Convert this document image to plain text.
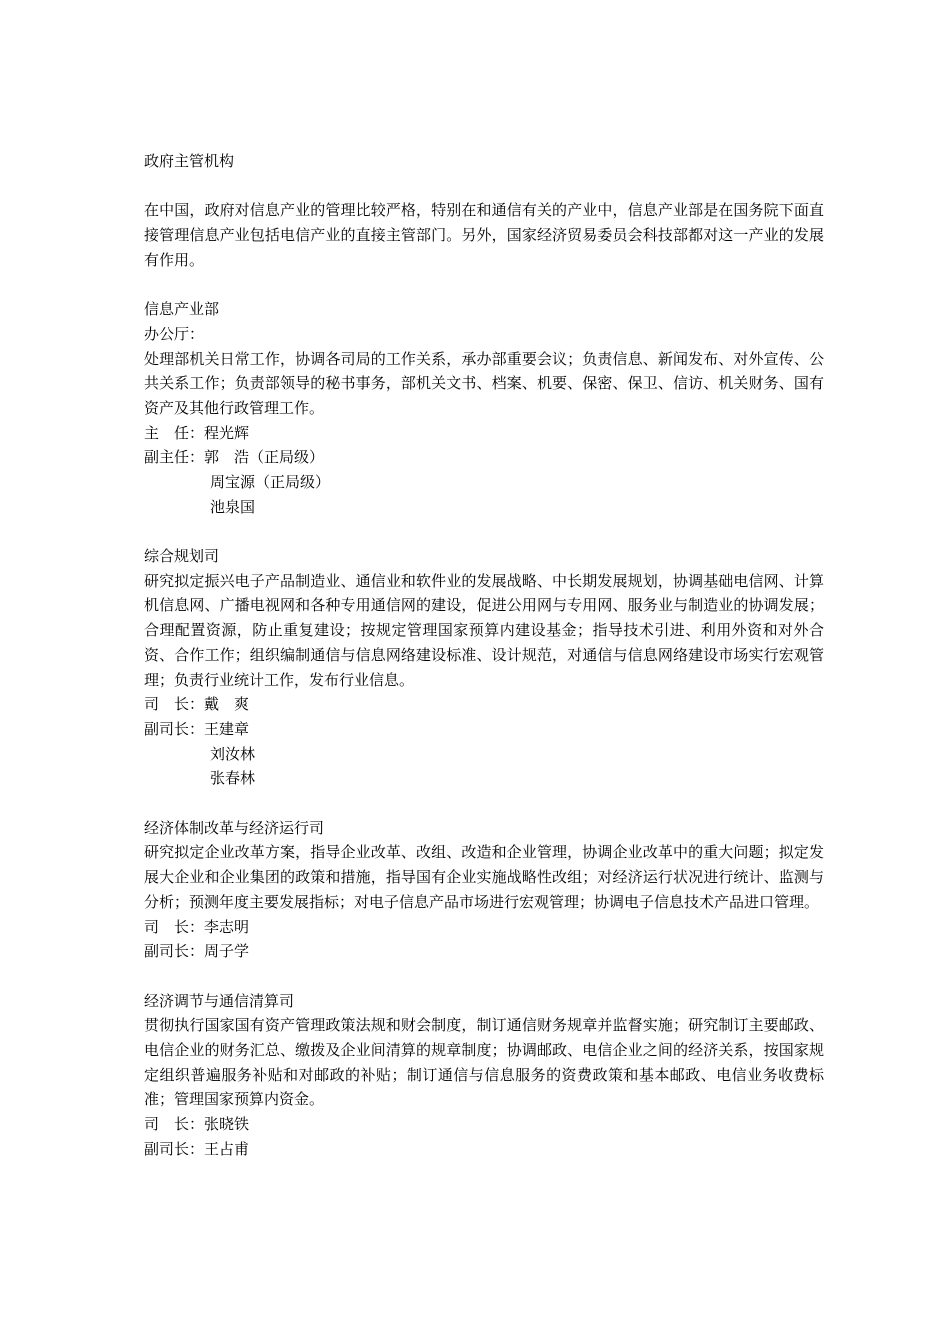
政府主管机构
在中国，政府对信息产业的管理比较严格，特别在和通信有关的产业中，信息产业部是在国务院下面直接管理信息产业包括电信产业的直接主管部门。另外，国家经济贸易委员会科技部都对这一产业的发展有作用。
信息产业部
办公厅：
处理部机关日常工作，协调各司局的工作关系，承办部重要会议；负责信息、新闻发布、对外宣传、公共关系工作；负责部领导的秘书事务，部机关文书、档案、机要、保密、保卫、信访、机关财务、国有资产及其他行政管理工作。
主　任：程光辉
副主任：郭　浩（正局级）
周宝源（正局级）
池泉国
综合规划司
研究拟定振兴电子产品制造业、通信业和软件业的发展战略、中长期发展规划，协调基础电信网、计算机信息网、广播电视网和各种专用通信网的建设，促进公用网与专用网、服务业与制造业的协调发展；合理配置资源，防止重复建设；按规定管理国家预算内建设基金；指导技术引进、利用外资和对外合资、合作工作；组织编制通信与信息网络建设标准、设计规范，对通信与信息网络建设市场实行宏观管理；负责行业统计工作，发布行业信息。
司　长：戴　爽
副司长：王建章
刘汝林
张春林
经济体制改革与经济运行司
研究拟定企业改革方案，指导企业改革、改组、改造和企业管理，协调企业改革中的重大问题；拟定发展大企业和企业集团的政策和措施，指导国有企业实施战略性改组；对经济运行状况进行统计、监测与分析；预测年度主要发展指标；对电子信息产品市场进行宏观管理；协调电子信息技术产品进口管理。
司　长：李志明
副司长：周子学
经济调节与通信清算司
贯彻执行国家国有资产管理政策法规和财会制度，制订通信财务规章并监督实施；研究制订主要邮政、电信企业的财务汇总、缴拨及企业间清算的规章制度；协调邮政、电信企业之间的经济关系，按国家规定组织普遍服务补贴和对邮政的补贴；制订通信与信息服务的资费政策和基本邮政、电信业务收费标准；管理国家预算内资金。
司　长：张晓铁
副司长：王占甫
